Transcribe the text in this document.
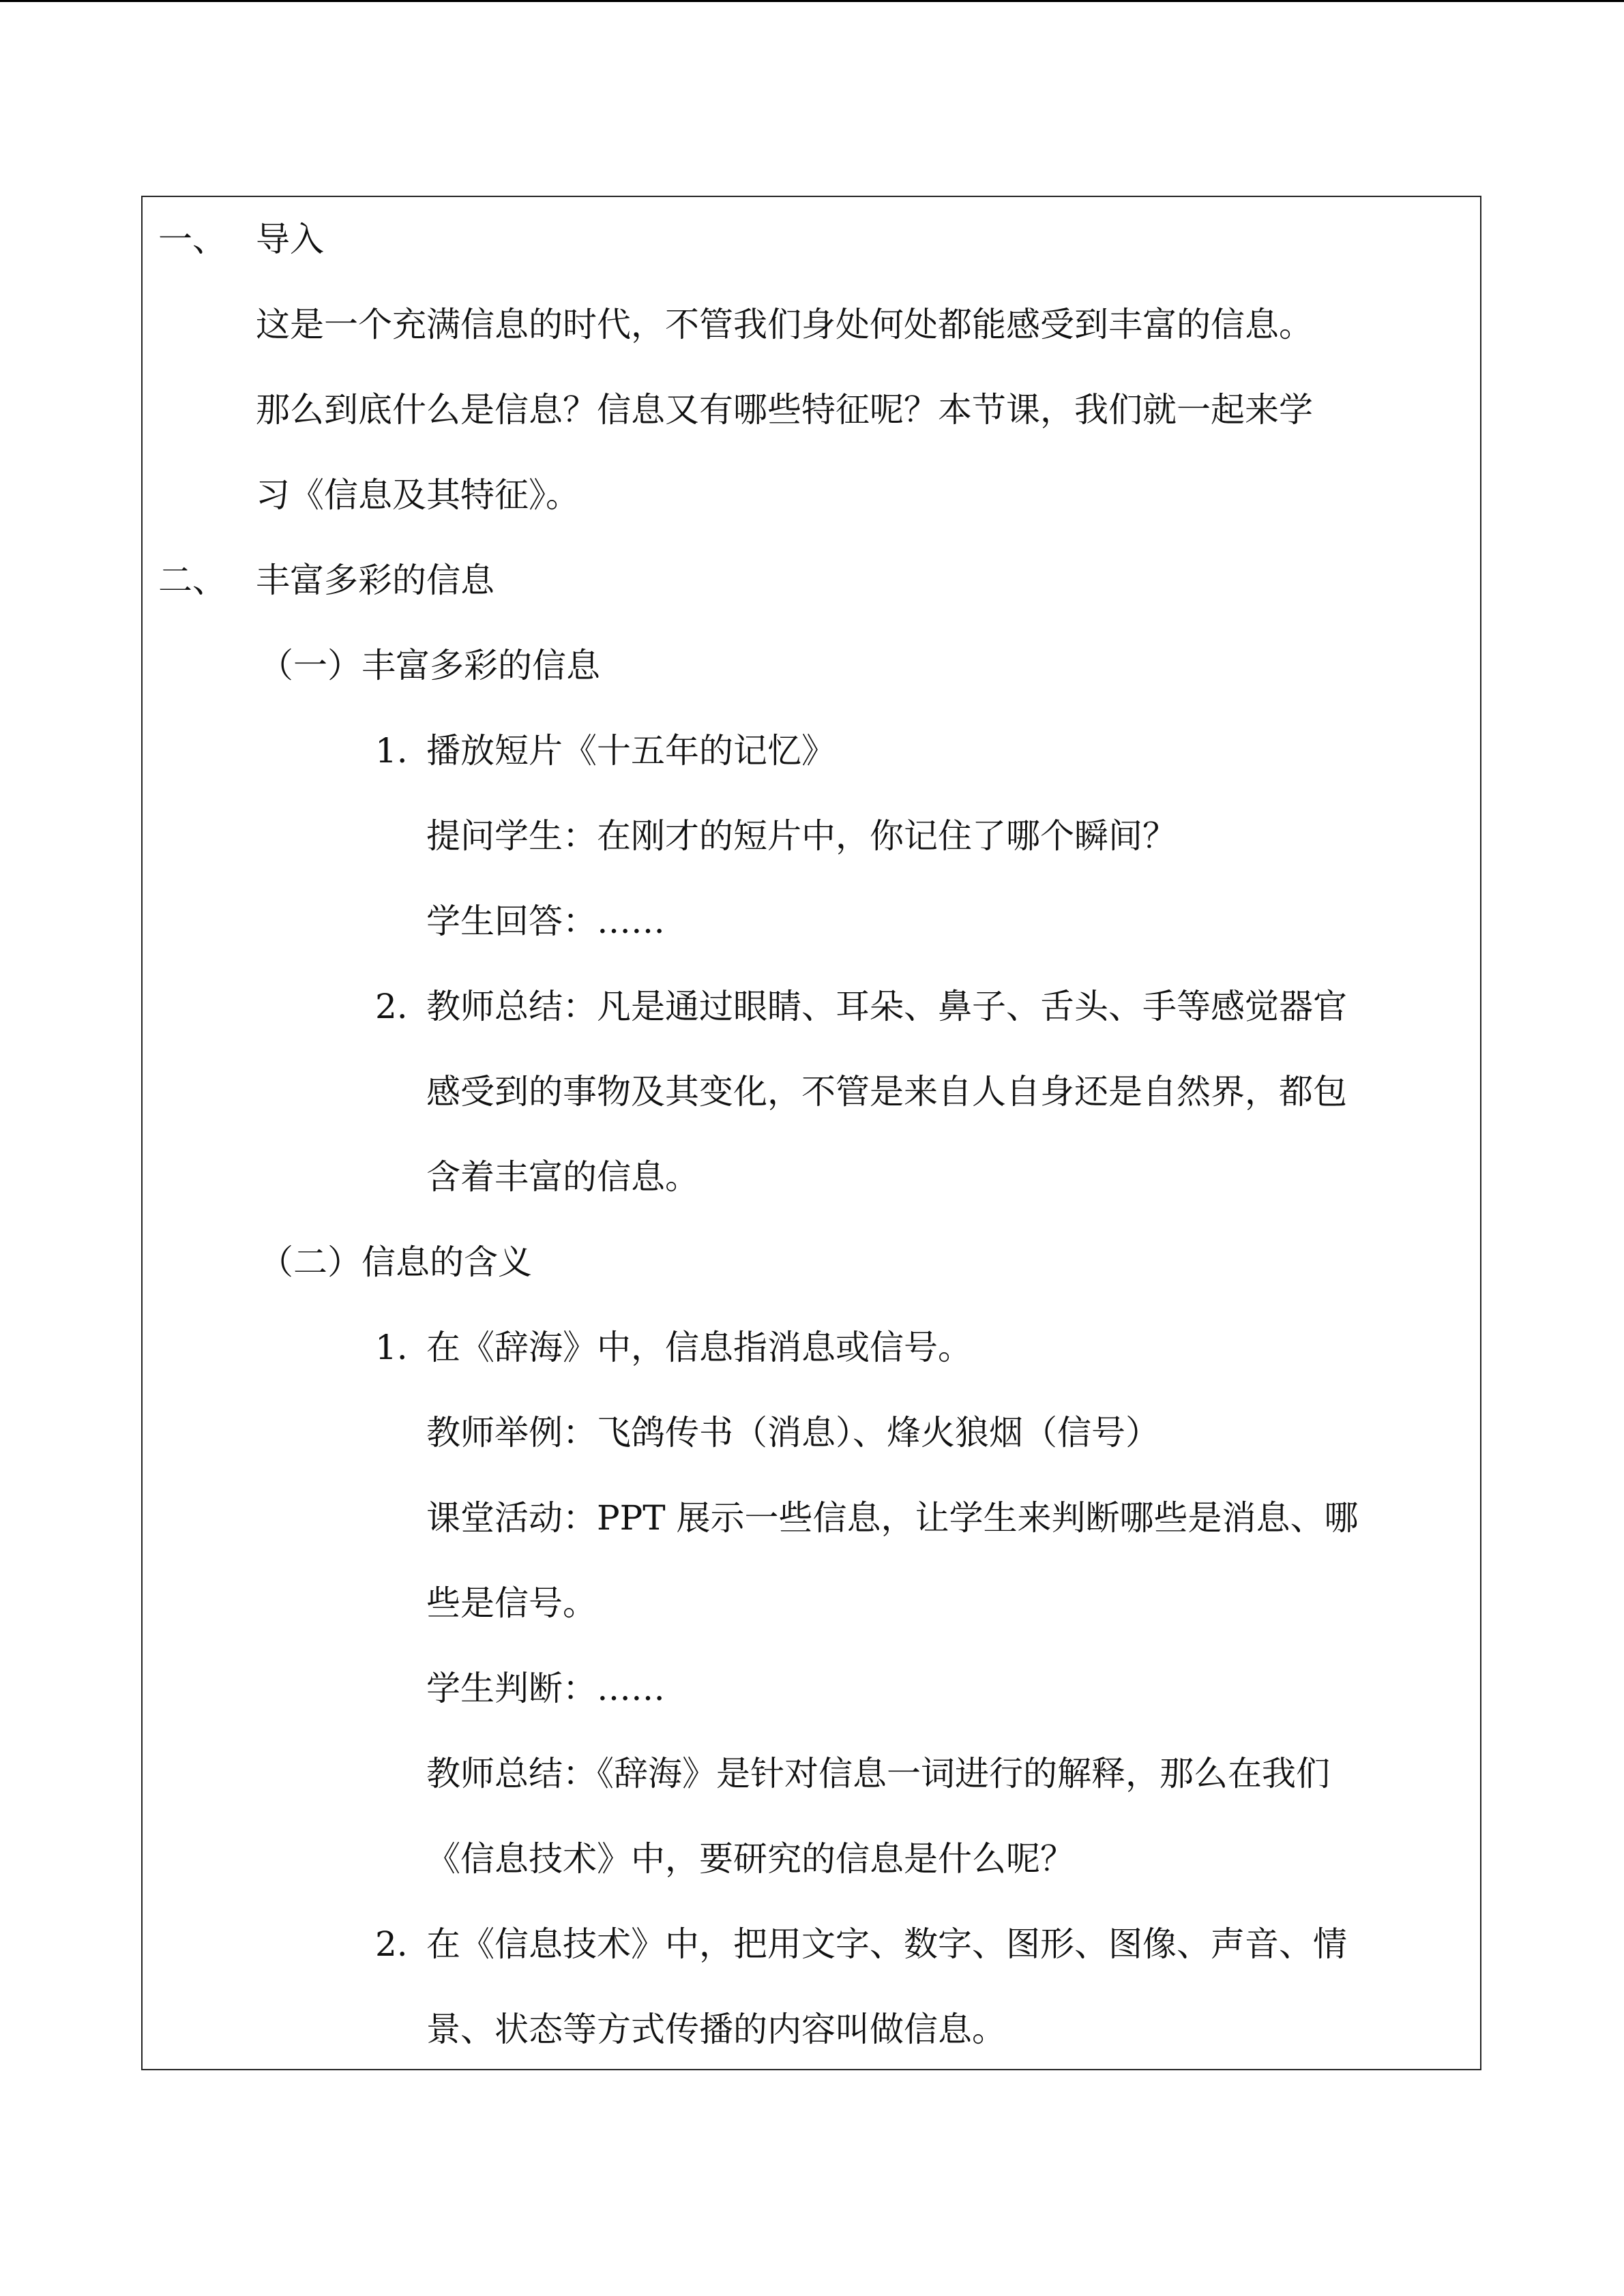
一、 导入
这是一个充满信息的时代，不管我们身处何处都能感受到丰富的信息。
那么到底什么是信息？信息又有哪些特征呢？本节课，我们就一起来学
习《信息及其特征》。
二、 丰富多彩的信息
（一）丰富多彩的信息
1. 播放短片《十五年的记忆》
提问学生：在刚才的短片中，你记住了哪个瞬间？
学生回答：……
2. 教师总结：凡是通过眼睛、耳朵、鼻子、舌头、手等感觉器官
感受到的事物及其变化，不管是来自人自身还是自然界，都包
含着丰富的信息。
（二）信息的含义
1. 在《辞海》中，信息指消息或信号。
教师举例：飞鸽传书（消息）、烽火狼烟（信号）
课堂活动：PPT 展示一些信息，让学生来判断哪些是消息、哪
些是信号。
学生判断：……
教师总结：《辞海》是针对信息一词进行的解释，那么在我们
《信息技术》中，要研究的信息是什么呢？
2. 在《信息技术》中，把用文字、数字、图形、图像、声音、情
景、状态等方式传播的内容叫做信息。
